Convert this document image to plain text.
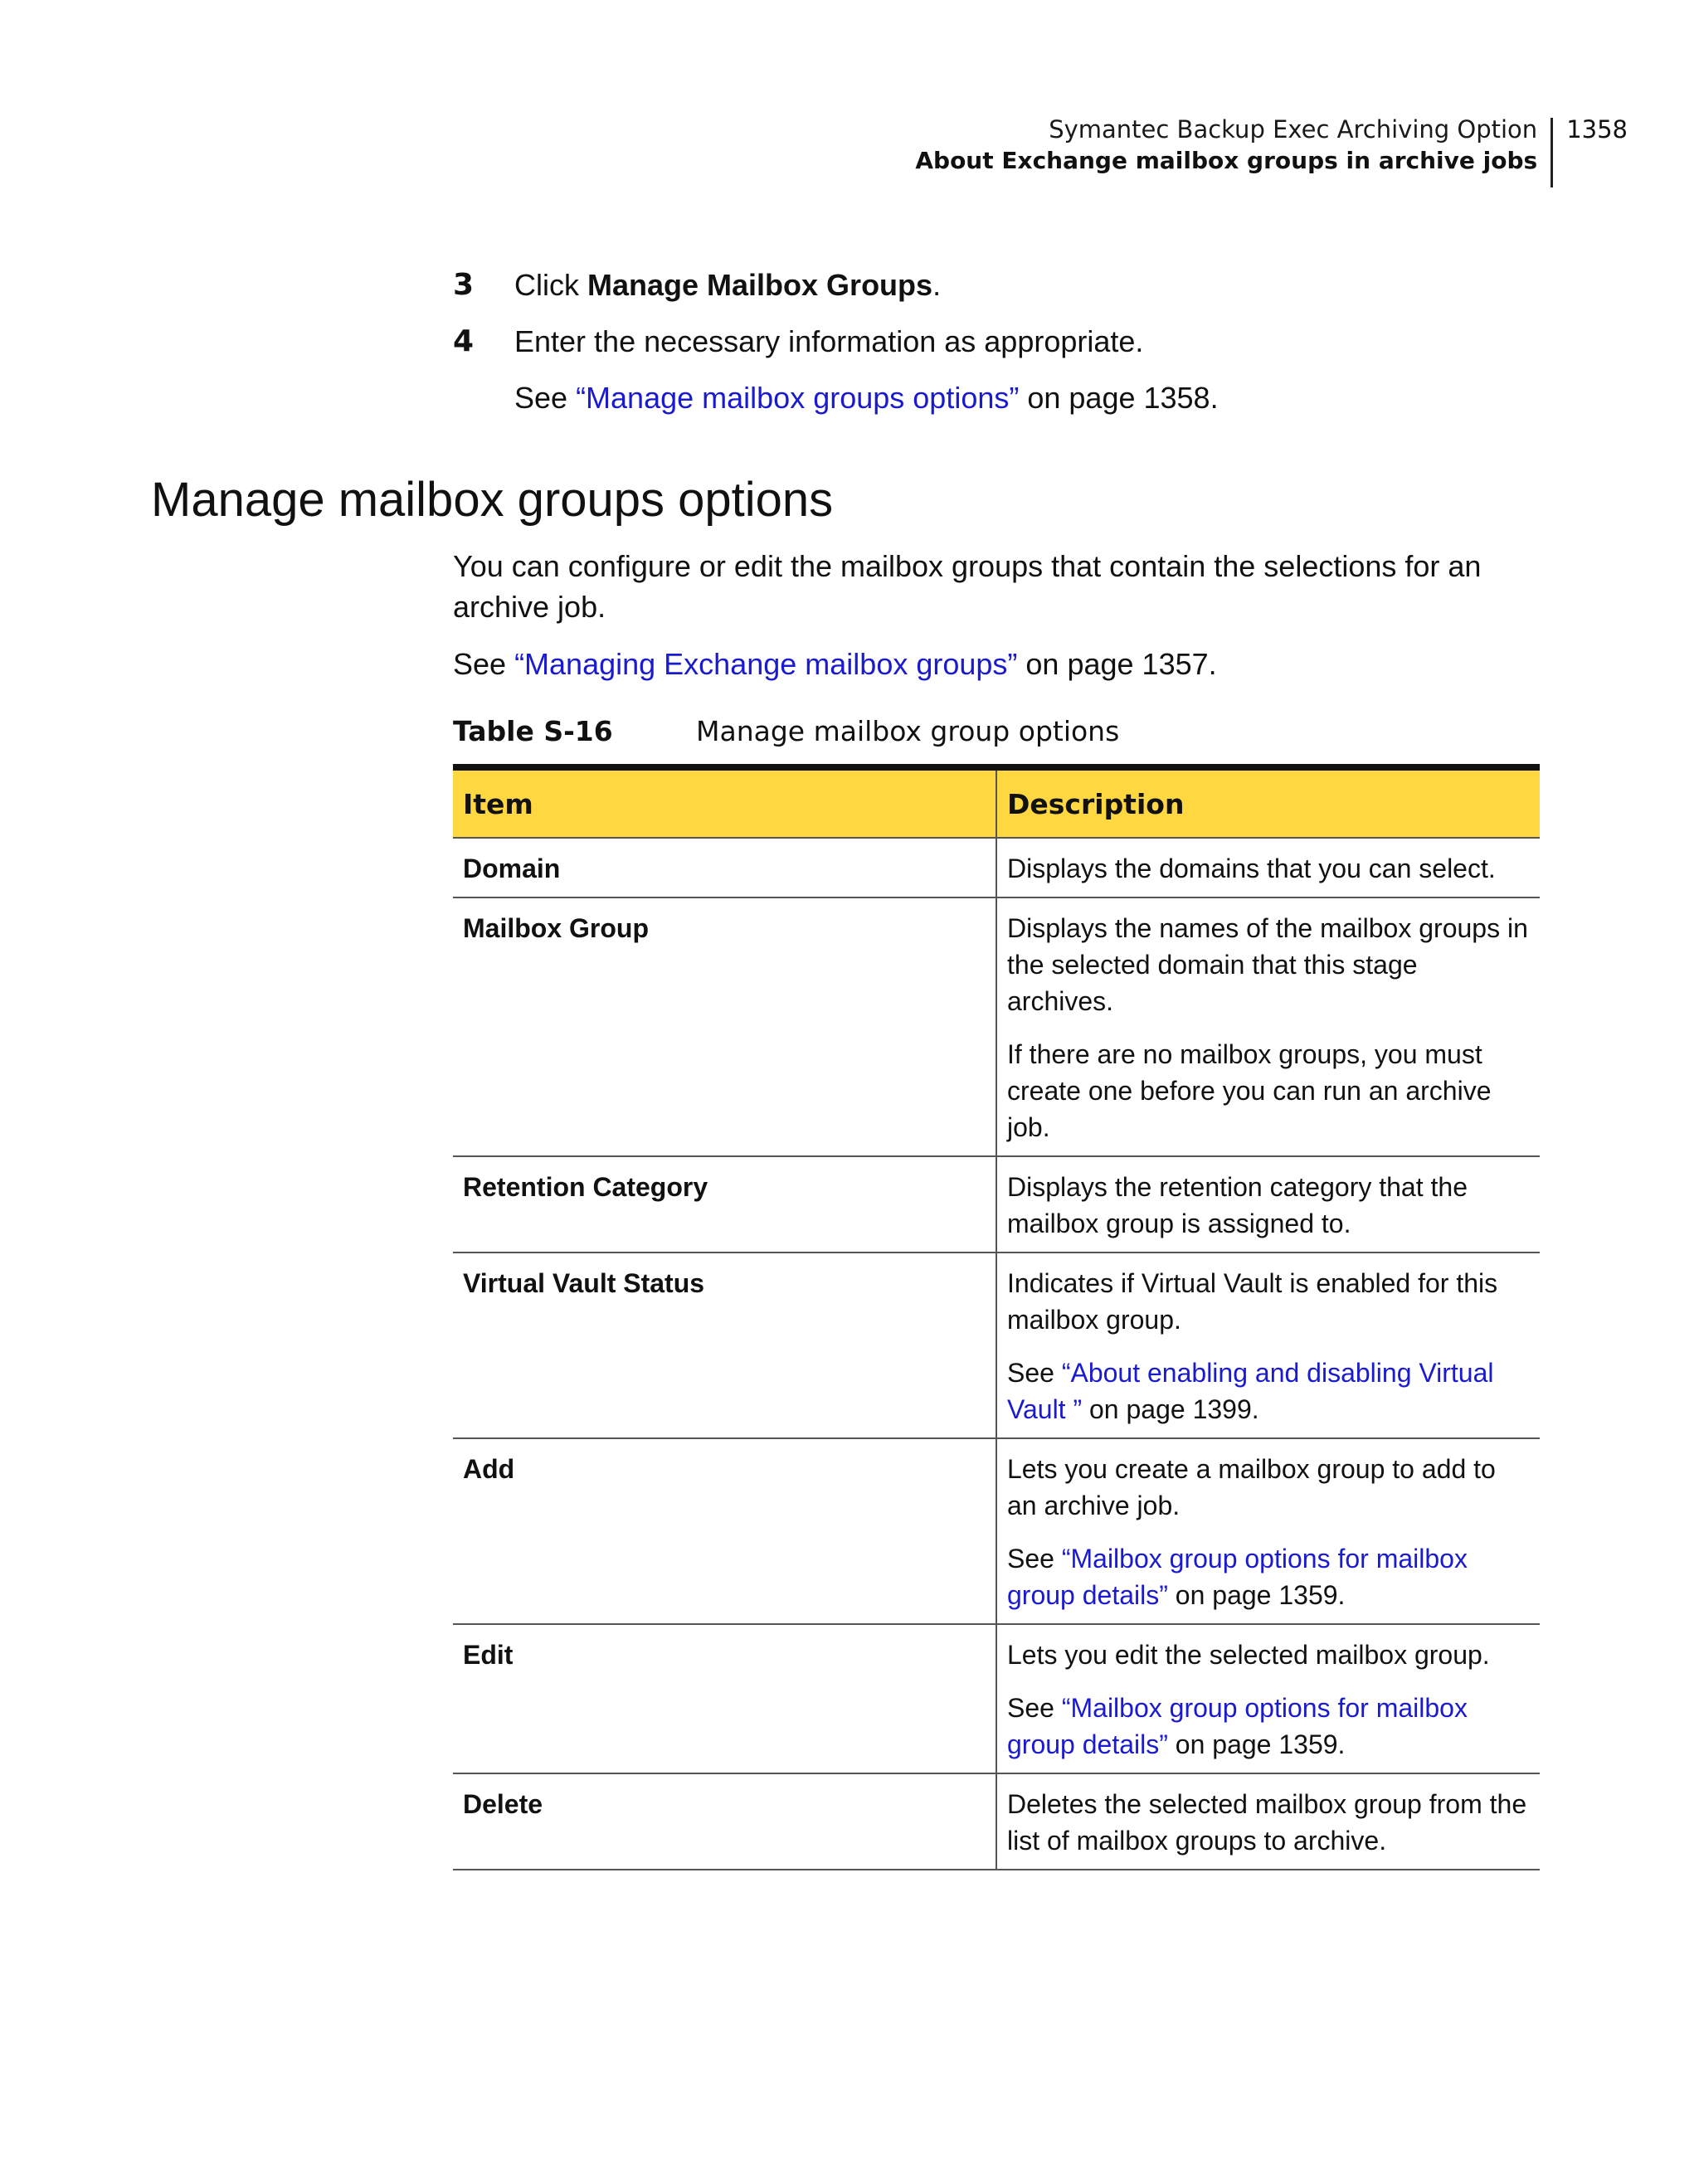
Symantec Backup Exec Archiving Option
About Exchange mailbox groups in archive jobs
1358
3	Click Manage Mailbox Groups.
4	Enter the necessary information as appropriate.
See “Manage mailbox groups options” on page 1358.
Manage mailbox groups options

You can configure or edit the mailbox groups that contain the selections for an archive job.

See “Managing Exchange mailbox groups” on page 1357.

Table S-16	Manage mailbox group options
Item	Description
Domain	Displays the domains that you can select.

Mailbox Group	Displays the names of the mailbox groups in the selected domain that this stage archives.

If there are no mailbox groups, you must create one before you can run an archive job.

Retention Category	Displays the retention category that the mailbox group is assigned to.

Virtual Vault Status	Indicates if Virtual Vault is enabled for this mailbox group.

See “About enabling and disabling Virtual Vault ” on page 1399.

Add	Lets you create a mailbox group to add to an archive job.

See “Mailbox group options for mailbox group details” on page 1359.

Edit	Lets you edit the selected mailbox group.

See “Mailbox group options for mailbox group details” on page 1359.

Delete	Deletes the selected mailbox group from the list of mailbox groups to archive.
